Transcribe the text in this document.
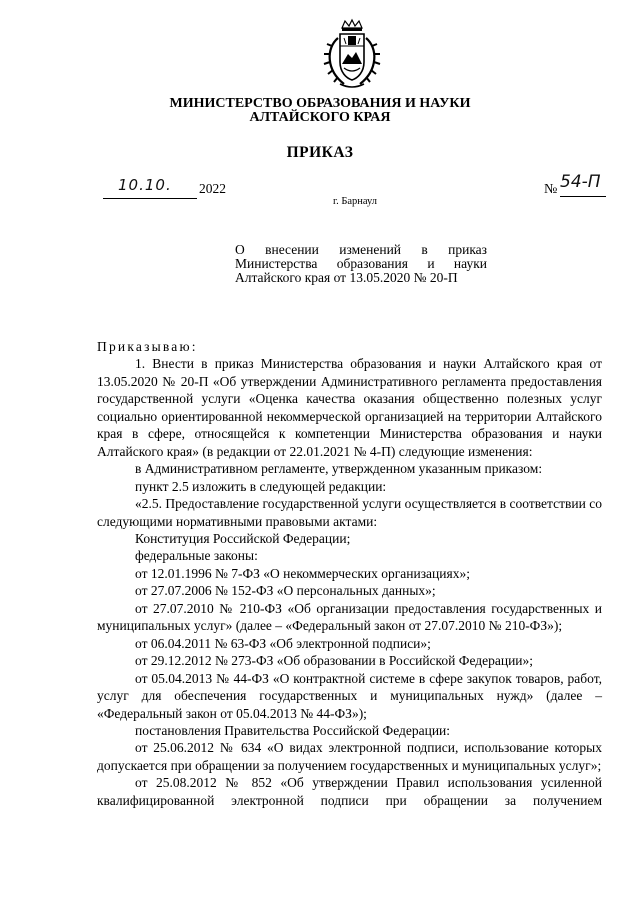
МИНИСТЕРСТВО ОБРАЗОВАНИЯ И НАУКИ
АЛТАЙСКОГО КРАЯ
ПРИКАЗ
10.10. 2022	№ 54-П
г. Барнаул
О внесении изменений в приказ
Министерства образования и науки
Алтайского края от 13.05.2020 № 20-П

Приказываю:

1. Внести в приказ Министерства образования и науки Алтайского края от 13.05.2020 № 20-П «Об утверждении Административного регламента предоставления государственной услуги «Оценка качества оказания общественно полезных услуг социально ориентированной некоммерческой организацией на территории Алтайского края в сфере, относящейся к компетенции Министерства образования и науки Алтайского края» (в редакции от 22.01.2021 № 4-П) следующие изменения:

в Административном регламенте, утвержденном указанным приказом:

пункт 2.5 изложить в следующей редакции:

«2.5. Предоставление государственной услуги осуществляется в соответствии со следующими нормативными правовыми актами:

Конституция Российской Федерации;

федеральные законы:

от 12.01.1996 № 7-ФЗ «О некоммерческих организациях»;

от 27.07.2006 № 152-ФЗ «О персональных данных»;

от 27.07.2010 № 210-ФЗ «Об организации предоставления государственных и муниципальных услуг» (далее – «Федеральный закон от 27.07.2010 № 210-ФЗ»);

от 06.04.2011 № 63-ФЗ «Об электронной подписи»;

от 29.12.2012 № 273-ФЗ «Об образовании в Российской Федерации»;

от 05.04.2013 № 44-ФЗ «О контрактной системе в сфере закупок товаров, работ, услуг для обеспечения государственных и муниципальных нужд» (далее – «Федеральный закон от 05.04.2013 № 44-ФЗ»);

постановления Правительства Российской Федерации:

от 25.06.2012 № 634 «О видах электронной подписи, использование которых допускается при обращении за получением государственных и муниципальных услуг»;

от 25.08.2012 № 852 «Об утверждении Правил использования усиленной квалифицированной электронной подписи при обращении за получением
